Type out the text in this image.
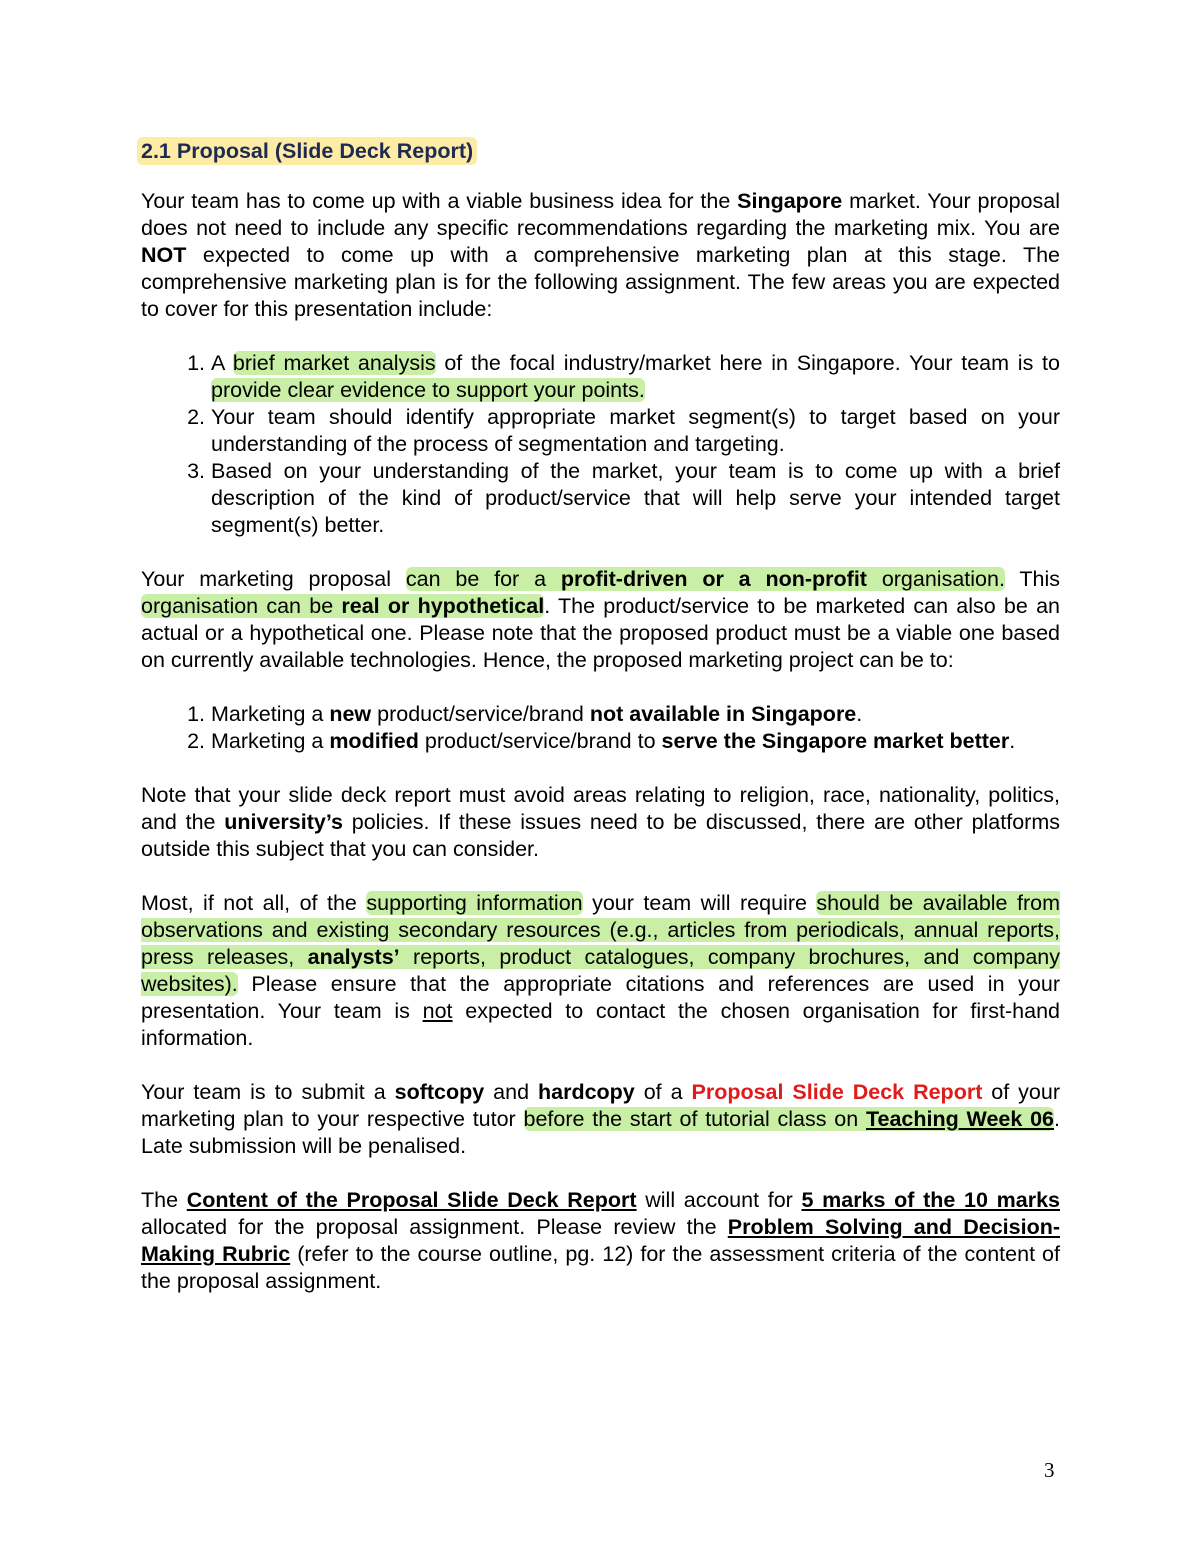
2.1 Proposal (Slide Deck Report)

Your team has to come up with a viable business idea for the Singapore market. Your proposal does not need to include any specific recommendations regarding the marketing mix. You are NOT expected to come up with a comprehensive marketing plan at this stage. The comprehensive marketing plan is for the following assignment. The few areas you are expected to cover for this presentation include:

1. A brief market analysis of the focal industry/market here in Singapore. Your team is to provide clear evidence to support your points.
2. Your team should identify appropriate market segment(s) to target based on your understanding of the process of segmentation and targeting.
3. Based on your understanding of the market, your team is to come up with a brief description of the kind of product/service that will help serve your intended target segment(s) better.

Your marketing proposal can be for a profit-driven or a non-profit organisation. This organisation can be real or hypothetical. The product/service to be marketed can also be an actual or a hypothetical one. Please note that the proposed product must be a viable one based on currently available technologies. Hence, the proposed marketing project can be to:

1. Marketing a new product/service/brand not available in Singapore.
2. Marketing a modified product/service/brand to serve the Singapore market better.

Note that your slide deck report must avoid areas relating to religion, race, nationality, politics, and the university’s policies. If these issues need to be discussed, there are other platforms outside this subject that you can consider.

Most, if not all, of the supporting information your team will require should be available from observations and existing secondary resources (e.g., articles from periodicals, annual reports, press releases, analysts’ reports, product catalogues, company brochures, and company websites). Please ensure that the appropriate citations and references are used in your presentation. Your team is not expected to contact the chosen organisation for first-hand information.

Your team is to submit a softcopy and hardcopy of a Proposal Slide Deck Report of your marketing plan to your respective tutor before the start of tutorial class on Teaching Week 06. Late submission will be penalised.

The Content of the Proposal Slide Deck Report will account for 5 marks of the 10 marks allocated for the proposal assignment. Please review the Problem Solving and Decision-Making Rubric (refer to the course outline, pg. 12) for the assessment criteria of the content of the proposal assignment.

3
